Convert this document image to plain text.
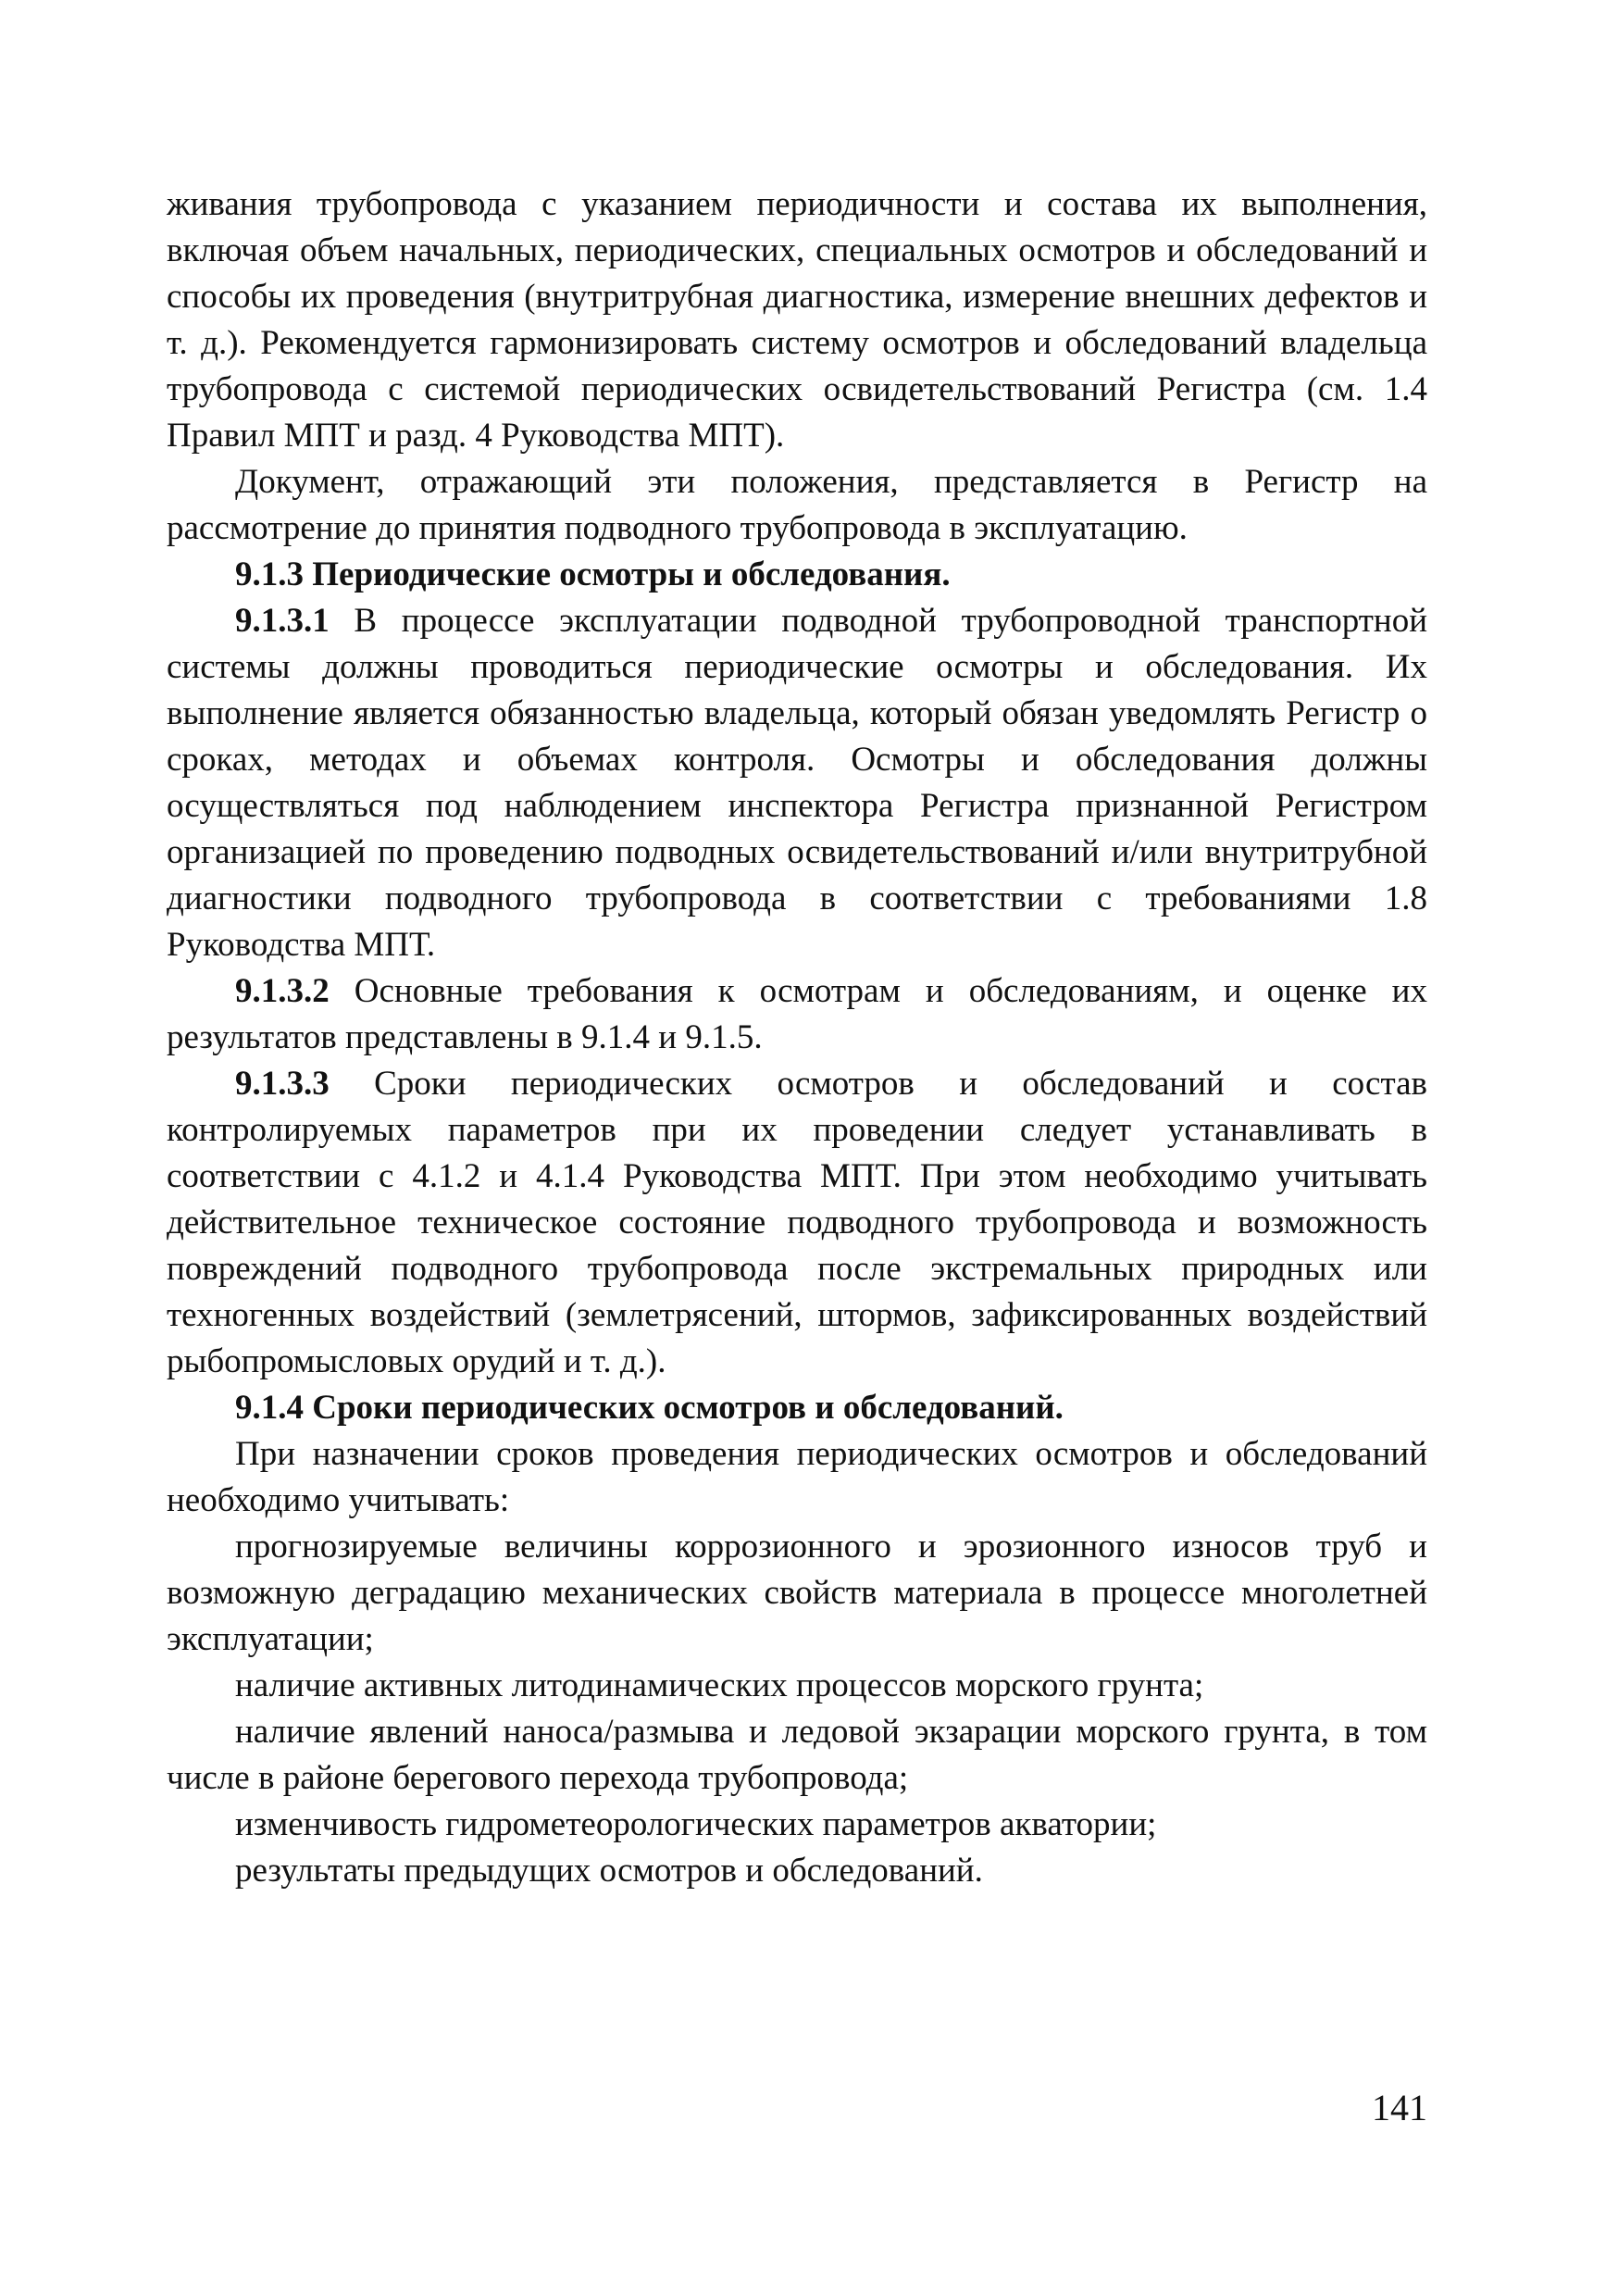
живания трубопровода с указанием периодичности и состава их выполнения, включая объем начальных, периодических, специальных осмотров и обследований и способы их проведения (внутритрубная диагностика, измерение внешних дефектов и т. д.). Рекомендуется гармонизировать систему осмотров и обследований владельца трубопровода с системой периодических освидетельствований Регистра (см. 1.4 Правил МПТ и разд. 4 Руководства МПТ).

Документ, отражающий эти положения, представляется в Регистр на рассмотрение до принятия подводного трубопровода в эксплуатацию.

9.1.3 Периодические осмотры и обследования.

9.1.3.1 В процессе эксплуатации подводной трубопроводной транспортной системы должны проводиться периодические осмотры и обследования. Их выполнение является обязанностью владельца, который обязан уведомлять Регистр о сроках, методах и объемах контроля. Осмотры и обследования должны осуществляться под наблюдением инспектора Регистра признанной Регистром организацией по проведению подводных освидетельствований и/или внутритрубной диагностики подводного трубопровода в соответствии с требованиями 1.8 Руководства МПТ.

9.1.3.2 Основные требования к осмотрам и обследованиям, и оценке их результатов представлены в 9.1.4 и 9.1.5.

9.1.3.3 Сроки периодических осмотров и обследований и состав контролируемых параметров при их проведении следует устанавливать в соответствии с 4.1.2 и 4.1.4 Руководства МПТ. При этом необходимо учитывать действительное техническое состояние подводного трубопровода и возможность повреждений подводного трубопровода после экстремальных природных или техногенных воздействий (землетрясений, штормов, зафиксированных воздействий рыбопромысловых орудий и т. д.).

9.1.4 Сроки периодических осмотров и обследований.

При назначении сроков проведения периодических осмотров и обследований необходимо учитывать:

прогнозируемые величины коррозионного и эрозионного износов труб и возможную деградацию механических свойств материала в процессе многолетней эксплуатации;

наличие активных литодинамических процессов морского грунта;

наличие явлений наноса/размыва и ледовой экзарации морского грунта, в том числе в районе берегового перехода трубопровода;

изменчивость гидрометеорологических параметров акватории;

результаты предыдущих осмотров и обследований.

141
